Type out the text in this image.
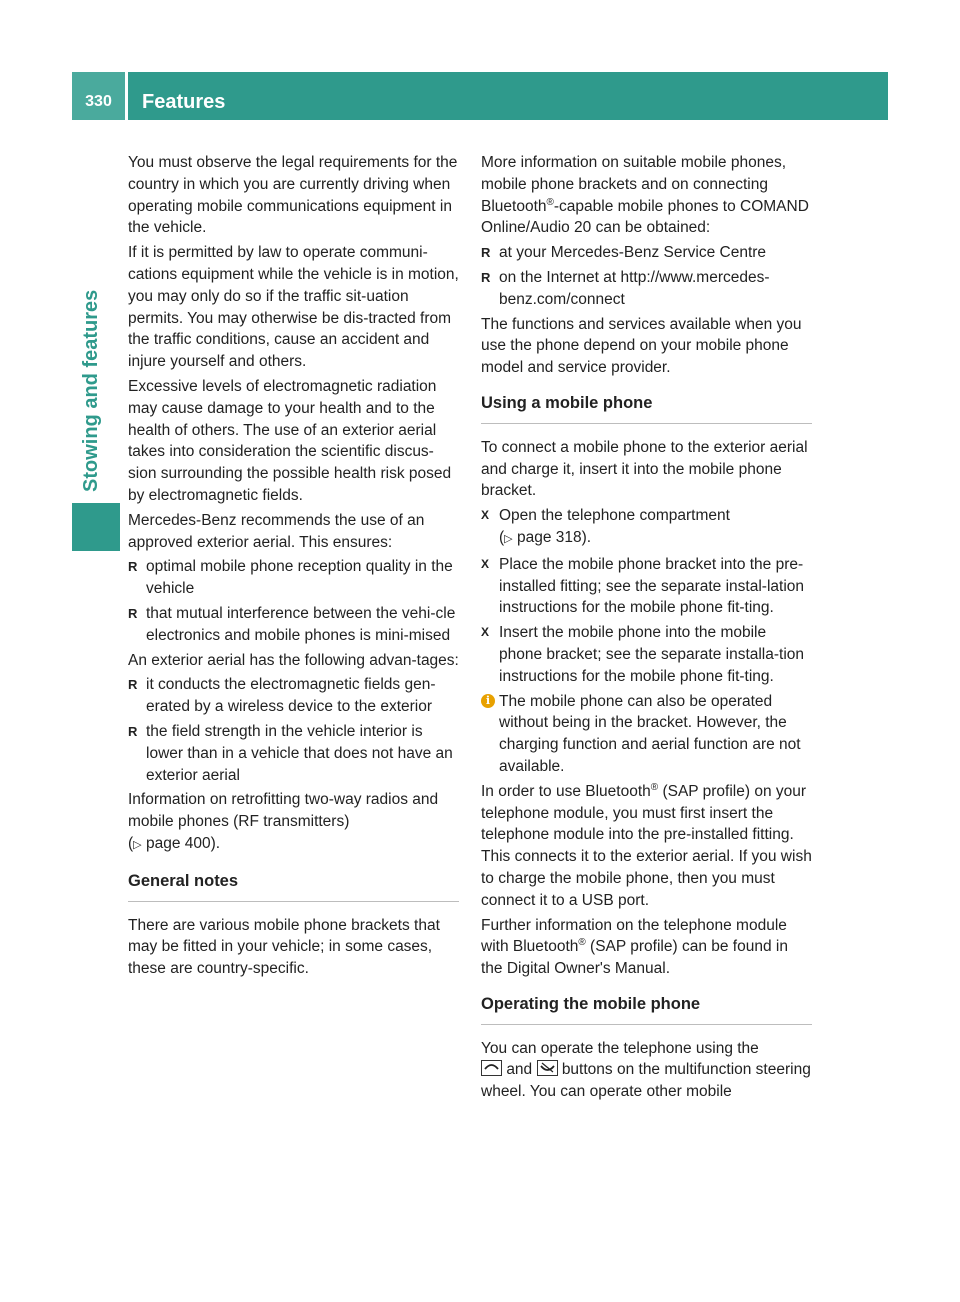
330	Features
Stowing and features

You must observe the legal requirements for the country in which you are currently driving when operating mobile communications equipment in the vehicle.

If it is permitted by law to operate communi-cations equipment while the vehicle is in motion, you may only do so if the traffic sit-uation permits. You may otherwise be dis-tracted from the traffic conditions, cause an accident and injure yourself and others.

Excessive levels of electromagnetic radiation may cause damage to your health and to the health of others. The use of an exterior aerial takes into consideration the scientific discus-sion surrounding the possible health risk posed by electromagnetic fields.

Mercedes-Benz recommends the use of an approved exterior aerial. This ensures:

R optimal mobile phone reception quality in the vehicle
R that mutual interference between the vehi-cle electronics and mobile phones is mini-mised

An exterior aerial has the following advan-tages:

R it conducts the electromagnetic fields gen-erated by a wireless device to the exterior
R the field strength in the vehicle interior is lower than in a vehicle that does not have an exterior aerial

Information on retrofitting two-way radios and mobile phones (RF transmitters)
(▷ page 400).

General notes

There are various mobile phone brackets that may be fitted in your vehicle; in some cases, these are country-specific.

More information on suitable mobile phones, mobile phone brackets and on connecting Bluetooth®-capable mobile phones to COMAND Online/Audio 20 can be obtained:

R at your Mercedes-Benz Service Centre
R on the Internet at http://www.mercedes-benz.com/connect

The functions and services available when you use the phone depend on your mobile phone model and service provider.

Using a mobile phone

To connect a mobile phone to the exterior aerial and charge it, insert it into the mobile phone bracket.

X Open the telephone compartment
(▷ page 318).
X Place the mobile phone bracket into the pre-installed fitting; see the separate instal-lation instructions for the mobile phone fit-ting.
X Insert the mobile phone into the mobile phone bracket; see the separate installa-tion instructions for the mobile phone fit-ting.
i The mobile phone can also be operated without being in the bracket. However, the charging function and aerial function are not available.

In order to use Bluetooth® (SAP profile) on your telephone module, you must first insert the telephone module into the pre-installed fitting. This connects it to the exterior aerial. If you wish to charge the mobile phone, then you must connect it to a USB port.

Further information on the telephone module with Bluetooth® (SAP profile) can be found in the Digital Owner's Manual.

Operating the mobile phone

You can operate the telephone using the

and buttons on the multifunction steering wheel. You can operate other mobile
